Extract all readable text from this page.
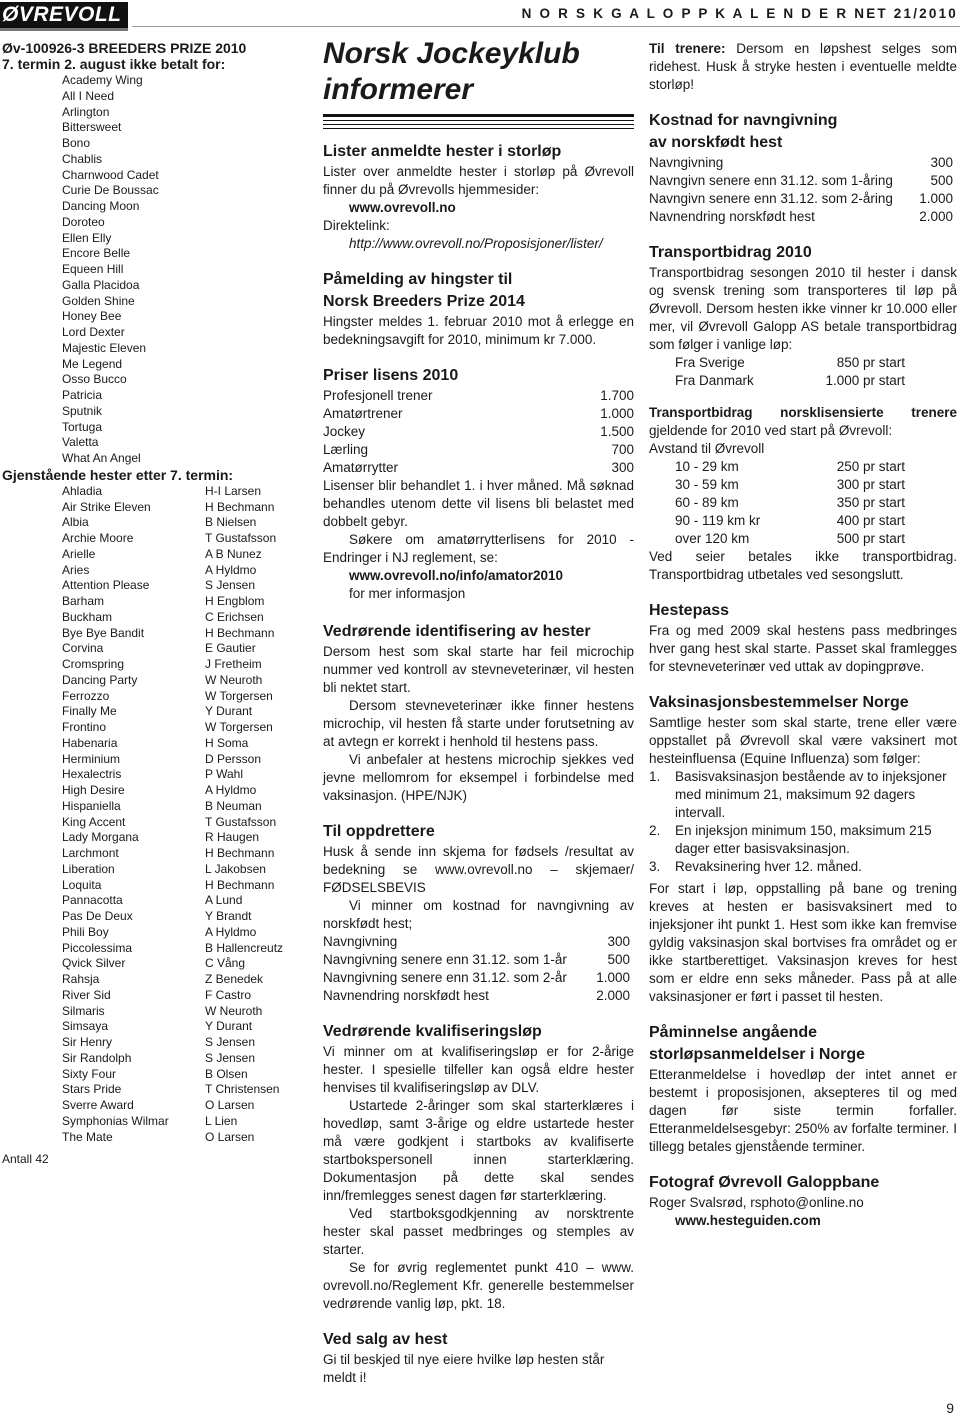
ØVREVOLL	N O R S K G A L O P P K A L E N D E R NET 21/2010
Øv-100926-3 BREEDERS PRIZE 2010
7. termin 2. august ikke betalt for:
Academy Wing
All I Need
Arlington
Bittersweet
Bono
Chablis
Charnwood Cadet
Curie De Boussac
Dancing Moon
Doroteo
Ellen Elly
Encore Belle
Equeen Hill
Galla Placidoa
Golden Shine
Honey Bee
Lord Dexter
Majestic Eleven
Me Legend
Osso Bucco
Patricia
Sputnik
Tortuga
Valetta
What An Angel
Gjenstående hester etter 7. termin:
Ahladia	H-I Larsen
Air Strike Eleven	H Bechmann
Albia	B Nielsen
Archie Moore	T Gustafsson
Arielle	A B Nunez
Aries	A Hyldmo
Attention Please	S Jensen
Barham	H Engblom
Buckham	C Erichsen
Bye Bye Bandit	H Bechmann
Corvina	E Gautier
Cromspring	J Fretheim
Dancing Party	W Neuroth
Ferrozzo	W Torgersen
Finally Me	Y Durant
Frontino	W Torgersen
Habenaria	H Soma
Herminium	D Persson
Hexalectris	P Wahl
High Desire	A Hyldmo
Hispaniella	B Neuman
King Accent	T Gustafsson
Lady Morgana	R Haugen
Larchmont	H Bechmann
Liberation	L Jakobsen
Loquita	H Bechmann
Pannacotta	A Lund
Pas De Deux	Y Brandt
Phili Boy	A Hyldmo
Piccolessima	B Hallencreutz
Qvick Silver	C Vång
Rahsja	Z Benedek
River Sid	F Castro
Silmaris	W Neuroth
Simsaya	Y Durant
Sir Henry	S Jensen
Sir Randolph	S Jensen
Sixty Four	B Olsen
Stars Pride	T Christensen
Sverre Award	O Larsen
Symphonias Wilmar	L Lien
The Mate	O Larsen
Antall 42
Norsk Jockeyklub
informerer
Lister anmeldte hester i storløp

Lister over anmeldte hester i storløp på Øvrevoll finner du på Øvrevolls hjemmesider:

www.ovrevoll.no

Direktelink:

http://www.ovrevoll.no/Proposisjoner/lister/

Påmelding av hingster til
Norsk Breeders Prize 2014

Hingster meldes 1. februar 2010 mot å erlegge en bedekningsavgift for 2010, minimum kr 7.000.

Priser lisens 2010
Profesjonell trener	1.700
Amatørtrener	1.000
Jockey	1.500
Lærling	700
Amatørrytter	300

Lisenser blir behandlet 1. i hver måned. Må søknad behandles utenom dette vil lisens bli belastet med dobbelt gebyr.

Søkere om amatørrytterlisens for 2010 - Endringer i NJ reglement, se:

www.ovrevoll.no/info/amator2010

for mer informasjon

Vedrørende identifisering av hester

Dersom hest som skal starte har feil microchip nummer ved kontroll av stevneveterinær, vil hesten bli nektet start.

Dersom stevneveterinær ikke finner hestens microchip, vil hesten få starte under forutsetning av at avtegn er korrekt i henhold til hestens pass.

Vi anbefaler at hestens microchip sjekkes ved jevne mellomrom for eksempel i forbindelse med vaksinasjon. (HPE/NJK)

Til oppdrettere

Husk å sende inn skjema for fødsels /resultat av bedekning se www.ovrevoll.no – skjemaer/ FØDSELSBEVIS

Vi minner om kostnad for navngivning av norskfødt hest;

Navngivning	300
Navngivning senere enn 31.12. som 1-år	500
Navngivning senere enn 31.12. som 2-år 1.000
Navnendring norskfødt hest	2.000
Vedrørende kvalifiseringsløp

Vi minner om at kvalifiseringsløp er for 2-årige hester. I spesielle tilfeller kan også eldre hester henvises til kvalifiseringsløp av DLV.

Ustartede 2-åringer som skal starterklæres i hovedløp, samt 3-årige og eldre ustartede hester må være godkjent i startboks av kvalifiserte startbokspersonell innen starterklæring. Dokumentasjon på dette skal sendes inn/fremlegges senest dagen før starterklæring.

Ved startboksgodkjenning av norsktrente hester skal passet medbringes og stemples av starter.

Se for øvrig reglementet punkt 410 – www. ovrevoll.no/Reglement Kfr. generelle bestemmelser vedrørende vanlig løp, pkt. 18.

Ved salg av hest

Gi til beskjed til nye eiere hvilke løp hesten står meldt i!

Til trenere: Dersom en løpshest selges som ridehest. Husk å stryke hesten i eventuelle meldte storløp!

Kostnad for navngivning
av norskfødt hest
Navngivning	300
Navngivn senere enn 31.12. som 1-åring	500
Navngivn senere enn 31.12. som 2-åring 1.000
Navnendring norskfødt hest	2.000
Transportbidrag 2010

Transportbidrag sesongen 2010 til hester i dansk og svensk trening som transporteres til løp på Øvrevoll. Dersom hesten ikke vinner kr 10.000 eller mer, vil Øvrevoll Galopp AS betale transportbidrag som følger i vanlige løp:

Fra Sverige	850 pr start
Fra Danmark	1.000 pr start

Transportbidrag norsklisensierte trenere gjeldende for 2010 ved start på Øvrevoll:

Avstand til Øvrevoll

10 - 29 km	250 pr start
30 - 59 km	300 pr start
60 - 89 km	350 pr start
90 - 119 km kr	400 pr start
over 120 km	500 pr start

Ved seier betales ikke transportbidrag. Transportbidrag utbetales ved sesongslutt.

Hestepass

Fra og med 2009 skal hestens pass medbringes hver gang hest skal starte. Passet skal framlegges for stevneveterinær ved uttak av dopingprøve.

Vaksinasjonsbestemmelser Norge

Samtlige hester som skal starte, trene eller være oppstallet på Øvrevoll skal være vaksinert mot hesteinfluensa (Equine Influenza) som følger:

1.	Basisvaksinasjon bestående av to injeksjoner med minimum 21, maksimum 92 dagers intervall.
2.	En injeksjon minimum 150, maksimum 215 dager etter basisvaksinasjon.
3.	Revaksinering hver 12. måned.

For start i løp, oppstalling på bane og trening kreves at hesten er basisvaksinert med to injeksjoner iht punkt 1. Hest som ikke kan fremvise gyldig vaksinasjon skal bortvises fra området og er ikke startberettiget. Vaksinasjon kreves for hest som er eldre enn seks måneder. Pass på at alle vaksinasjoner er ført i passet til hesten.

Påminnelse angående
storløpsanmeldelser i Norge

Etteranmeldelse i hovedløp der intet annet er bestemt i proposisjonen, aksepteres til og med dagen før siste termin forfaller. Etteranmeldelsesgebyr: 250% av forfalte terminer. I tillegg betales gjenstående terminer.

Fotograf Øvrevoll Galoppbane

Roger Svalsrød, rsphoto@online.no

www.hesteguiden.com

9
